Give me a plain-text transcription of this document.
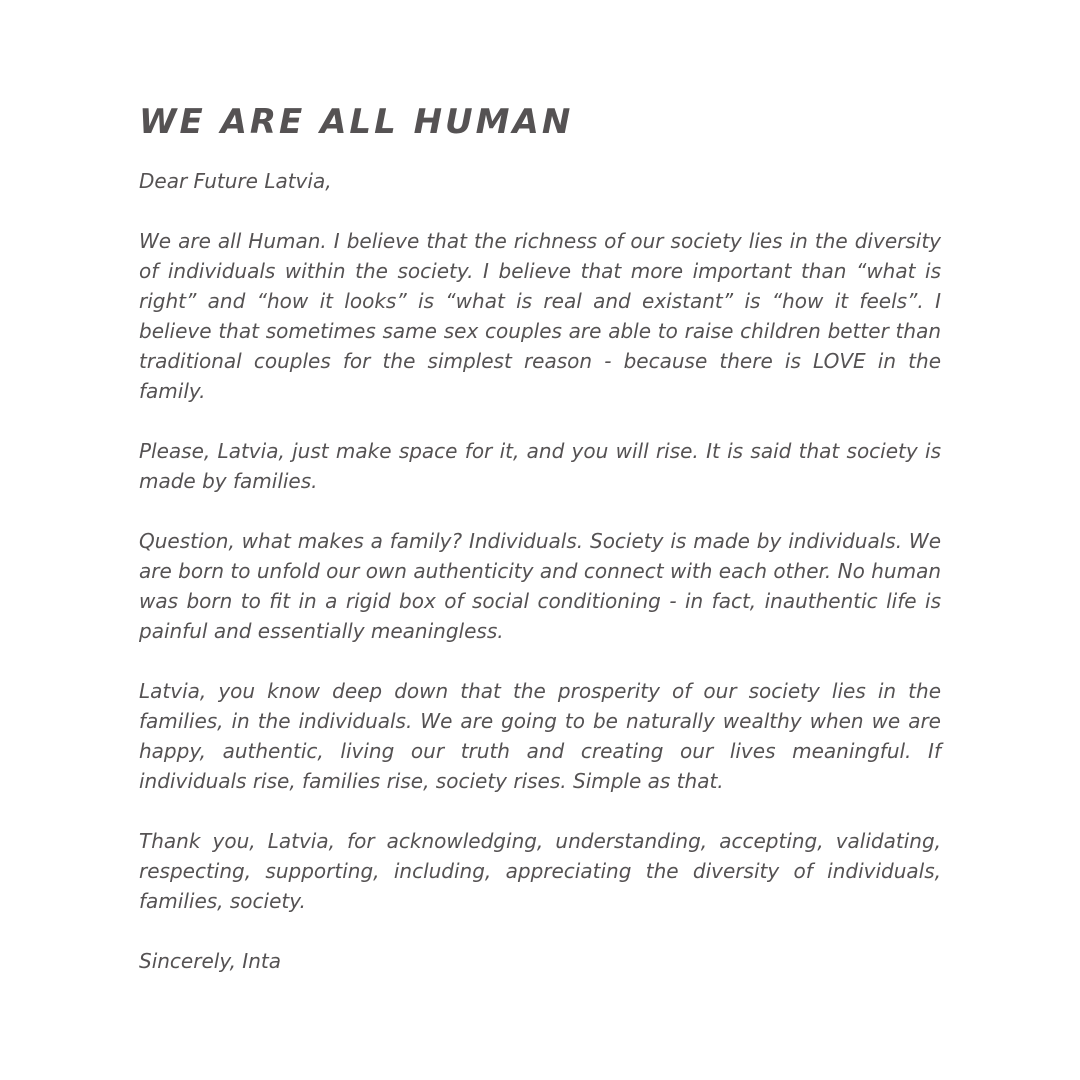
WE ARE ALL HUMAN

Dear Future Latvia,

We are all Human. I believe that the richness of our society lies in the diversity of individuals within the society. I believe that more important than “what is right” and “how it looks” is “what is real and existant” is “how it feels”. I believe that sometimes same sex couples are able to raise children better than traditional couples for the simplest reason - because there is LOVE in the family.

Please, Latvia, just make space for it, and you will rise. It is said that society is made by families.

Question, what makes a family? Individuals. Society is made by individuals. We are born to unfold our own authenticity and connect with each other. No human was born to fit in a rigid box of social conditioning - in fact, inauthentic life is painful and essentially meaningless.

Latvia, you know deep down that the prosperity of our society lies in the families, in the individuals. We are going to be naturally wealthy when we are happy, authentic, living our truth and creating our lives meaningful. If individuals rise, families rise, society rises. Simple as that.

Thank you, Latvia, for acknowledging, understanding, accepting, validating, respecting, supporting, including, appreciating the diversity of individuals, families, society.

Sincerely, Inta
